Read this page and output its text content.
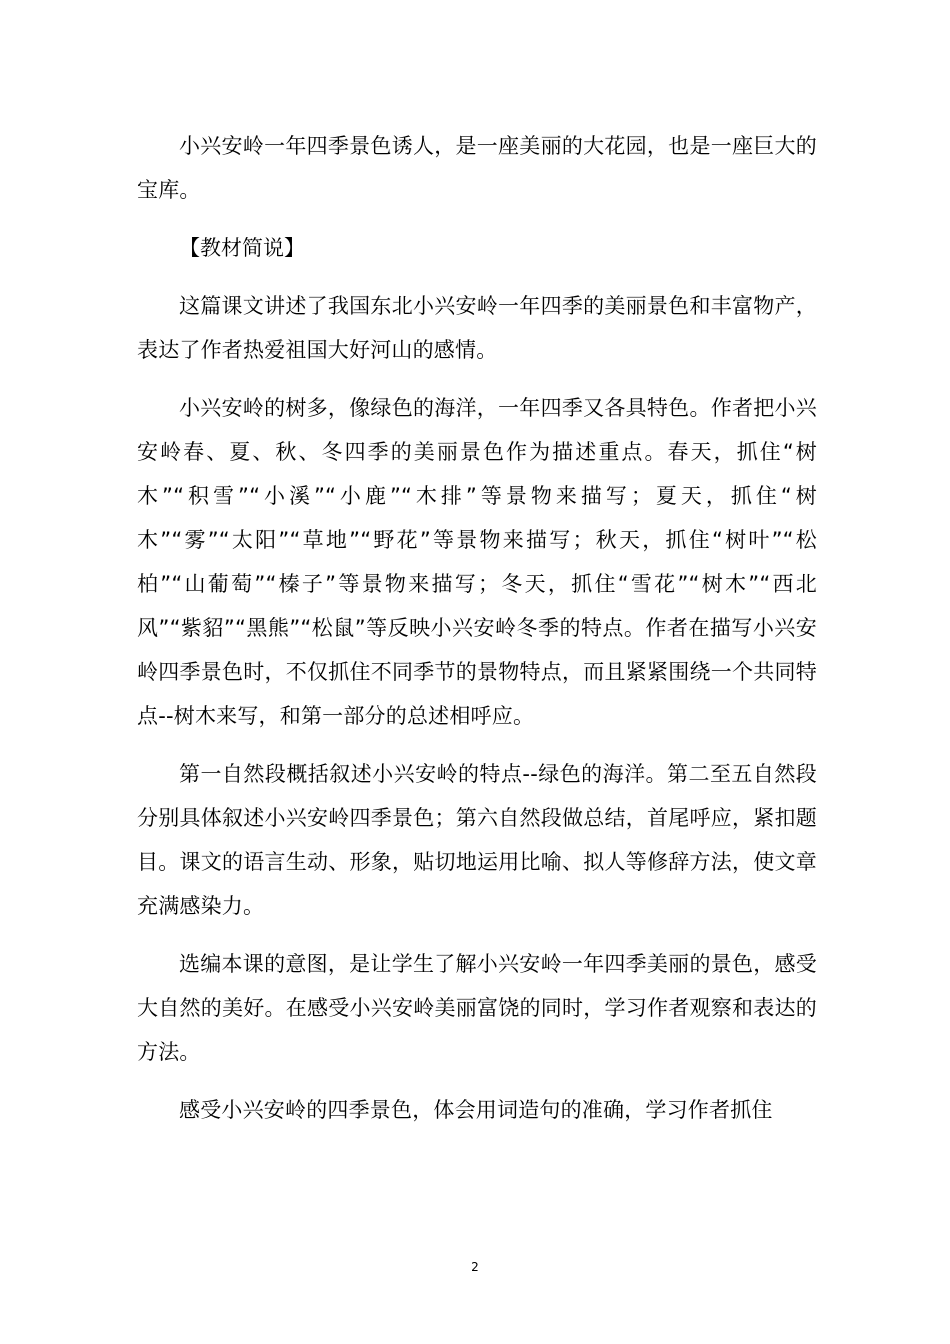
小兴安岭一年四季景色诱人，是一座美丽的大花园，也是一座巨大的宝库。

【教材简说】

这篇课文讲述了我国东北小兴安岭一年四季的美丽景色和丰富物产，表达了作者热爱祖国大好河山的感情。

小兴安岭的树多，像绿色的海洋，一年四季又各具特色。作者把小兴安岭春、夏、秋、冬四季的美丽景色作为描述重点。春天，抓住“树木”“积雪”“小溪”“小鹿”“木排”等景物来描写；夏天，抓住“树木”“雾”“太阳”“草地”“野花”等景物来描写；秋天，抓住“树叶”“松柏”“山葡萄”“榛子”等景物来描写；冬天，抓住“雪花”“树木”“西北风”“紫貂”“黑熊”“松鼠”等反映小兴安岭冬季的特点。作者在描写小兴安岭四季景色时，不仅抓住不同季节的景物特点，而且紧紧围绕一个共同特点--树木来写，和第一部分的总述相呼应。

第一自然段概括叙述小兴安岭的特点--绿色的海洋。第二至五自然段分别具体叙述小兴安岭四季景色；第六自然段做总结，首尾呼应，紧扣题目。课文的语言生动、形象，贴切地运用比喻、拟人等修辞方法，使文章充满感染力。

选编本课的意图，是让学生了解小兴安岭一年四季美丽的景色，感受大自然的美好。在感受小兴安岭美丽富饶的同时，学习作者观察和表达的方法。

感受小兴安岭的四季景色，体会用词造句的准确，学习作者抓住

2
